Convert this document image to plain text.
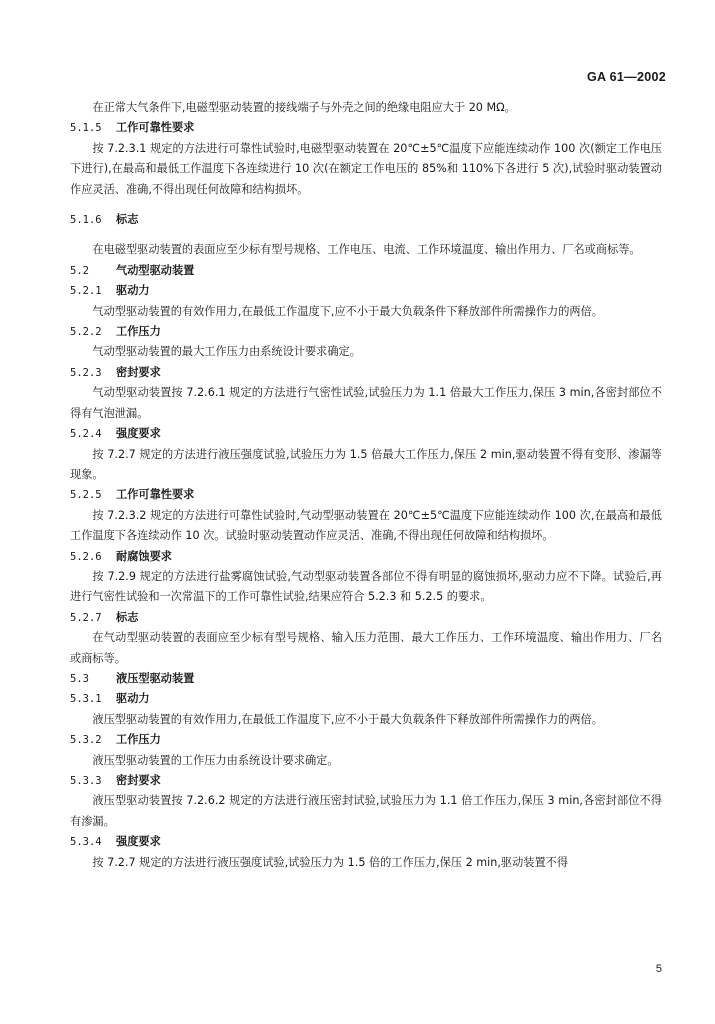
GA 61—2002

在正常大气条件下,电磁型驱动装置的接线端子与外壳之间的绝缘电阻应大于 20 MΩ。

5.1.5 工作可靠性要求

按 7.2.3.1 规定的方法进行可靠性试验时,电磁型驱动装置在 20℃±5℃温度下应能连续动作 100 次(额定工作电压下进行),在最高和最低工作温度下各连续进行 10 次(在额定工作电压的 85%和 110%下各进行 5 次),试验时驱动装置动作应灵活、准确,不得出现任何故障和结构损坏。

5.1.6 标志

在电磁型驱动装置的表面应至少标有型号规格、工作电压、电流、工作环境温度、输出作用力、厂名或商标等。

5.2 气动型驱动装置

5.2.1 驱动力

气动型驱动装置的有效作用力,在最低工作温度下,应不小于最大负载条件下释放部件所需操作力的两倍。

5.2.2 工作压力

气动型驱动装置的最大工作压力由系统设计要求确定。

5.2.3 密封要求

气动型驱动装置按 7.2.6.1 规定的方法进行气密性试验,试验压力为 1.1 倍最大工作压力,保压 3 min,各密封部位不得有气泡泄漏。

5.2.4 强度要求

按 7.2.7 规定的方法进行液压强度试验,试验压力为 1.5 倍最大工作压力,保压 2 min,驱动装置不得有变形、渗漏等现象。

5.2.5 工作可靠性要求

按 7.2.3.2 规定的方法进行可靠性试验时,气动型驱动装置在 20℃±5℃温度下应能连续动作 100 次,在最高和最低工作温度下各连续动作 10 次。试验时驱动装置动作应灵活、准确,不得出现任何故障和结构损坏。

5.2.6 耐腐蚀要求

按 7.2.9 规定的方法进行盐雾腐蚀试验,气动型驱动装置各部位不得有明显的腐蚀损坏,驱动力应不下降。试验后,再进行气密性试验和一次常温下的工作可靠性试验,结果应符合 5.2.3 和 5.2.5 的要求。

5.2.7 标志

在气动型驱动装置的表面应至少标有型号规格、输入压力范围、最大工作压力、工作环境温度、输出作用力、厂名或商标等。

5.3 液压型驱动装置

5.3.1 驱动力

液压型驱动装置的有效作用力,在最低工作温度下,应不小于最大负载条件下释放部件所需操作力的两倍。

5.3.2 工作压力

液压型驱动装置的工作压力由系统设计要求确定。

5.3.3 密封要求

液压型驱动装置按 7.2.6.2 规定的方法进行液压密封试验,试验压力为 1.1 倍工作压力,保压 3 min,各密封部位不得有渗漏。

5.3.4 强度要求

按 7.2.7 规定的方法进行液压强度试验,试验压力为 1.5 倍的工作压力,保压 2 min,驱动装置不得

5
